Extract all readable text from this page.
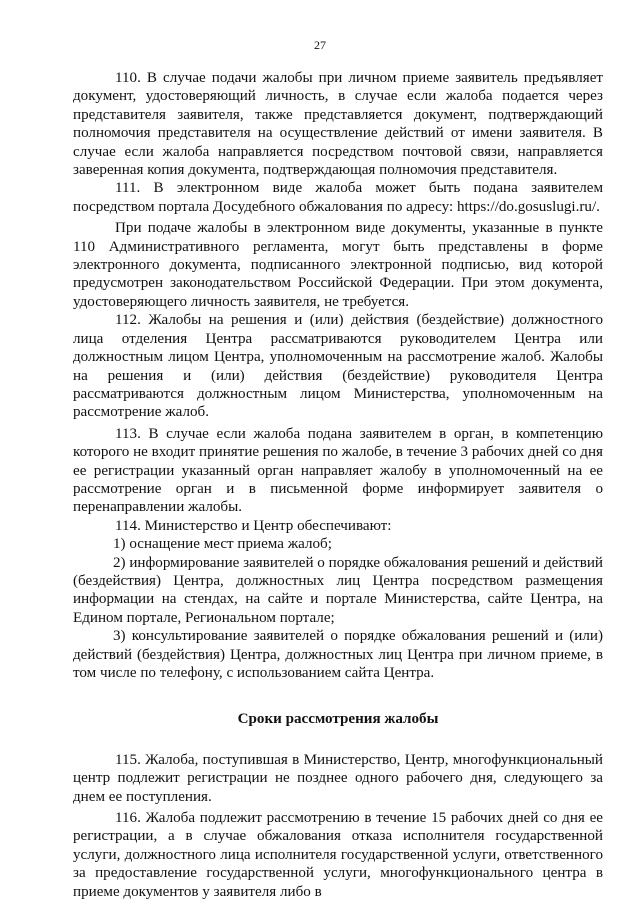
27

110. В случае подачи жалобы при личном приеме заявитель предъявляет документ, удостоверяющий личность, в случае если жалоба подается через представителя заявителя, также представляется документ, подтверждающий полномочия представителя на осуществление действий от имени заявителя. В случае если жалоба направляется посредством почтовой связи, направляется заверенная копия документа, подтверждающая полномочия представителя.

111. В электронном виде жалоба может быть подана заявителем посредством портала Досудебного обжалования по адресу: https://do.gosuslugi.ru/.

При подаче жалобы в электронном виде документы, указанные в пункте 110 Административного регламента, могут быть представлены в форме электронного документа, подписанного электронной подписью, вид которой предусмотрен законодательством Российской Федерации. При этом документа, удостоверяющего личность заявителя, не требуется.

112. Жалобы на решения и (или) действия (бездействие) должностного лица отделения Центра рассматриваются руководителем Центра или должностным лицом Центра, уполномоченным на рассмотрение жалоб. Жалобы на решения и (или) действия (бездействие) руководителя Центра рассматриваются должностным лицом Министерства, уполномоченным на рассмотрение жалоб.

113. В случае если жалоба подана заявителем в орган, в компетенцию которого не входит принятие решения по жалобе, в течение 3 рабочих дней со дня ее регистрации указанный орган направляет жалобу в уполномоченный на ее рассмотрение орган и в письменной форме информирует заявителя о перенаправлении жалобы.

114. Министерство и Центр обеспечивают:

1) оснащение мест приема жалоб;

2) информирование заявителей о порядке обжалования решений и действий (бездействия) Центра, должностных лиц Центра посредством размещения информации на стендах, на сайте и портале Министерства, сайте Центра, на Едином портале, Региональном портале;

3) консультирование заявителей о порядке обжалования решений и (или) действий (бездействия) Центра, должностных лиц Центра при личном приеме, в том числе по телефону, с использованием сайта Центра.

Сроки рассмотрения жалобы

115. Жалоба, поступившая в Министерство, Центр, многофункциональный центр подлежит регистрации не позднее одного рабочего дня, следующего за днем ее поступления.

116. Жалоба подлежит рассмотрению в течение 15 рабочих дней со дня ее регистрации, а в случае обжалования отказа исполнителя государственной услуги, должностного лица исполнителя государственной услуги, ответственного за предоставление государственной услуги, многофункционального центра в приеме документов у заявителя либо в
